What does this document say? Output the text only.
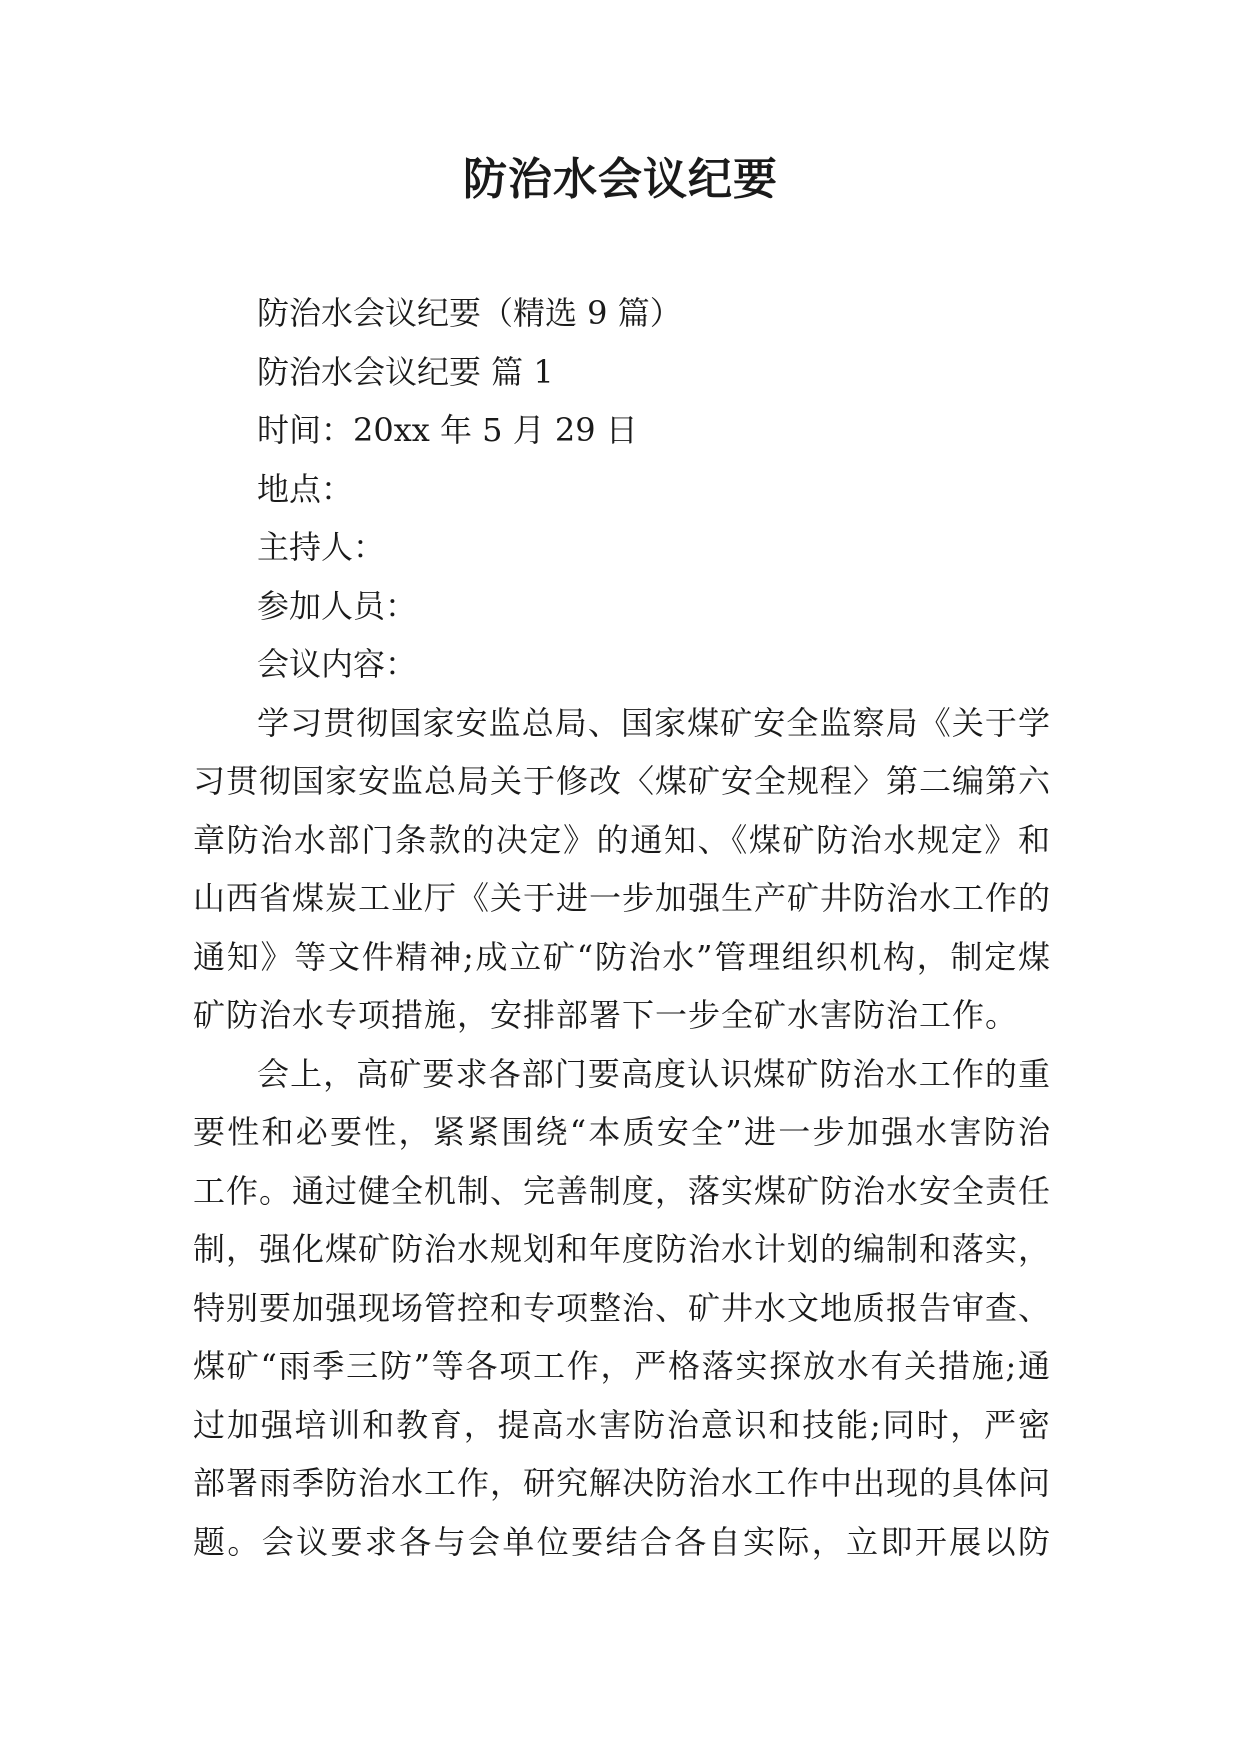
防治水会议纪要
防治水会议纪要（精选 9 篇）
防治水会议纪要 篇 1
时间：20xx 年 5 月 29 日
地点：
主持人：
参加人员：
会议内容：
学习贯彻国家安监总局、国家煤矿安全监察局《关于学习贯彻国家安监总局关于修改〈煤矿安全规程〉第二编第六章防治水部门条款的决定》的通知、《煤矿防治水规定》和山西省煤炭工业厅《关于进一步加强生产矿井防治水工作的通知》等文件精神;成立矿“防治水”管理组织机构，制定煤矿防治水专项措施，安排部署下一步全矿水害防治工作。
会上，高矿要求各部门要高度认识煤矿防治水工作的重要性和必要性，紧紧围绕“本质安全”进一步加强水害防治工作。通过健全机制、完善制度，落实煤矿防治水安全责任制，强化煤矿防治水规划和年度防治水计划的编制和落实，特别要加强现场管控和专项整治、矿井水文地质报告审查、煤矿“雨季三防”等各项工作，严格落实探放水有关措施;通过加强培训和教育，提高水害防治意识和技能;同时，严密部署雨季防治水工作，研究解决防治水工作中出现的具体问题。会议要求各与会单位要结合各自实际，立即开展以防
